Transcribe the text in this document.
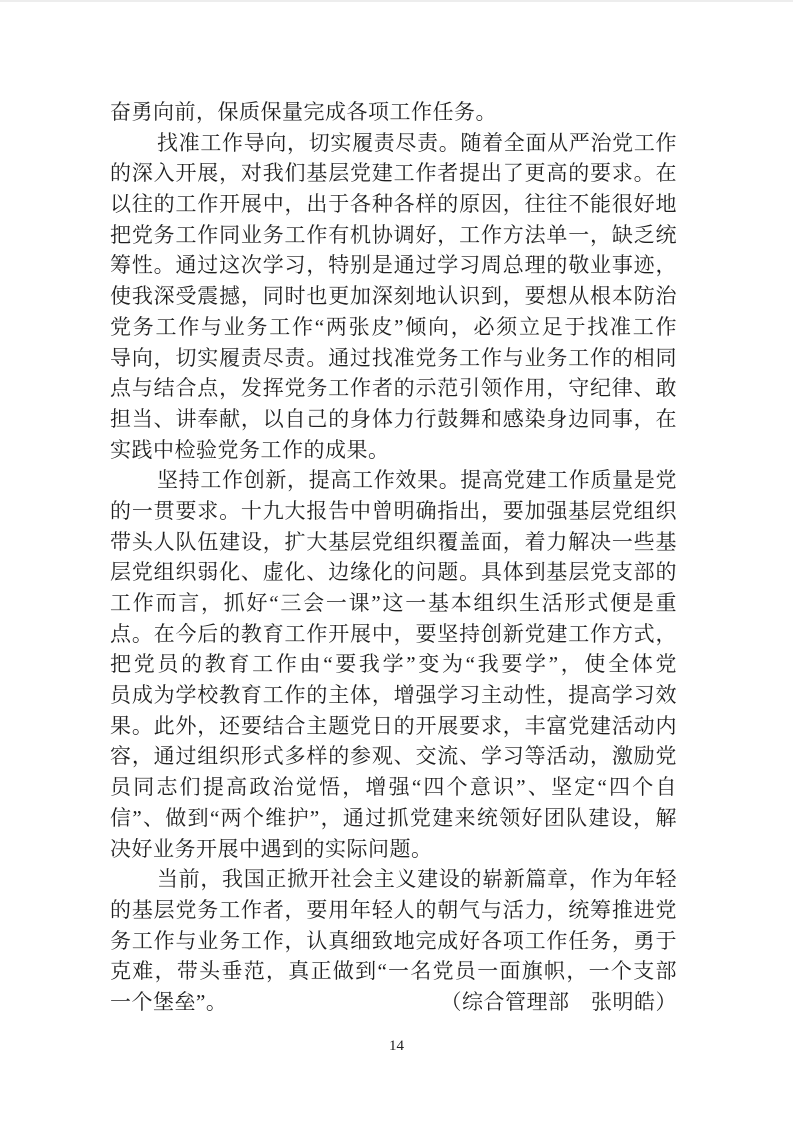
奋勇向前，保质保量完成各项工作任务。
找准工作导向，切实履责尽责。随着全面从严治党工作
的深入开展，对我们基层党建工作者提出了更高的要求。在
以往的工作开展中，出于各种各样的原因，往往不能很好地
把党务工作同业务工作有机协调好，工作方法单一，缺乏统
筹性。通过这次学习，特别是通过学习周总理的敬业事迹，
使我深受震撼，同时也更加深刻地认识到，要想从根本防治
党务工作与业务工作“两张皮”倾向，必须立足于找准工作
导向，切实履责尽责。通过找准党务工作与业务工作的相同
点与结合点，发挥党务工作者的示范引领作用，守纪律、敢
担当、讲奉献，以自己的身体力行鼓舞和感染身边同事，在
实践中检验党务工作的成果。
坚持工作创新，提高工作效果。提高党建工作质量是党
的一贯要求。十九大报告中曾明确指出，要加强基层党组织
带头人队伍建设，扩大基层党组织覆盖面，着力解决一些基
层党组织弱化、虚化、边缘化的问题。具体到基层党支部的
工作而言，抓好“三会一课”这一基本组织生活形式便是重
点。在今后的教育工作开展中，要坚持创新党建工作方式，
把党员的教育工作由“要我学”变为“我要学”，使全体党
员成为学校教育工作的主体，增强学习主动性，提高学习效
果。此外，还要结合主题党日的开展要求，丰富党建活动内
容，通过组织形式多样的参观、交流、学习等活动，激励党
员同志们提高政治觉悟，增强“四个意识”、坚定“四个自
信”、做到“两个维护”，通过抓党建来统领好团队建设，解
决好业务开展中遇到的实际问题。
当前，我国正掀开社会主义建设的崭新篇章，作为年轻
的基层党务工作者，要用年轻人的朝气与活力，统筹推进党
务工作与业务工作，认真细致地完成好各项工作任务，勇于
克难，带头垂范，真正做到“一名党员一面旗帜，一个支部
一个堡垒”。	（综合管理部　张明皓）
14
